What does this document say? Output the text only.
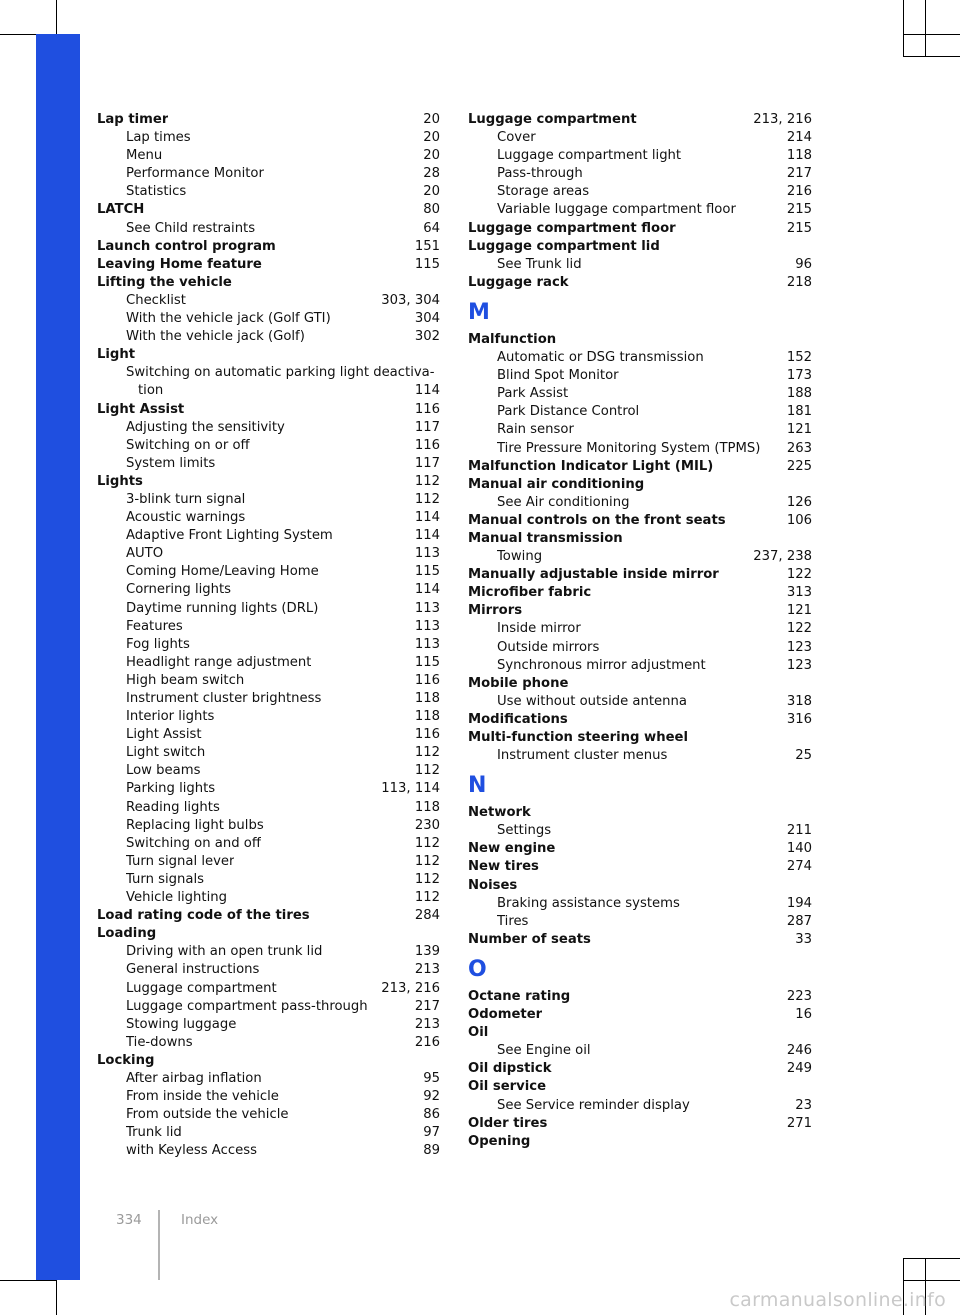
Lap timer	20
Lap times	20
Menu	20
Performance Monitor	28
Statistics	20
LATCH	80
See Child restraints	64
Launch control program	151
Leaving Home feature	115
Lifting the vehicle
Checklist	303, 304
With the vehicle jack (Golf GTI)	304
With the vehicle jack (Golf)	302
Light
Switching on automatic parking light deactiva-
tion	114
Light Assist	116
Adjusting the sensitivity	117
Switching on or off	116
System limits	117
Lights	112
3-blink turn signal	112
Acoustic warnings	114
Adaptive Front Lighting System	114
AUTO	113
Coming Home/Leaving Home	115
Cornering lights	114
Daytime running lights (DRL)	113
Features	113
Fog lights	113
Headlight range adjustment	115
High beam switch	116
Instrument cluster brightness	118
Interior lights	118
Light Assist	116
Light switch	112
Low beams	112
Parking lights	113, 114
Reading lights	118
Replacing light bulbs	230
Switching on and off	112
Turn signal lever	112
Turn signals	112
Vehicle lighting	112
Load rating code of the tires	284
Loading
Driving with an open trunk lid	139
General instructions	213
Luggage compartment	213, 216
Luggage compartment pass-through	217
Stowing luggage	213
Tie-downs	216
Locking
After airbag inflation	95
From inside the vehicle	92
From outside the vehicle	86
Trunk lid	97
with Keyless Access	89
Luggage compartment	213, 216
Cover	214
Luggage compartment light	118
Pass-through	217
Storage areas	216
Variable luggage compartment floor	215
Luggage compartment floor	215
Luggage compartment lid
See Trunk lid	96
Luggage rack	218
M
Malfunction
Automatic or DSG transmission	152
Blind Spot Monitor	173
Park Assist	188
Park Distance Control	181
Rain sensor	121
Tire Pressure Monitoring System (TPMS) 263
Malfunction Indicator Light (MIL)	225
Manual air conditioning
See Air conditioning	126
Manual controls on the front seats	106
Manual transmission
Towing	237, 238
Manually adjustable inside mirror	122
Microfiber fabric	313
Mirrors	121
Inside mirror	122
Outside mirrors	123
Synchronous mirror adjustment	123
Mobile phone
Use without outside antenna	318
Modifications	316
Multi-function steering wheel
Instrument cluster menus	25
N
Network
Settings	211
New engine	140
New tires	274
Noises
Braking assistance systems	194
Tires	287
Number of seats	33
O
Octane rating	223
Odometer	16
Oil
See Engine oil	246
Oil dipstick	249
Oil service
See Service reminder display	23
Older tires	271
Opening
334	Index
carmanualsonline.info
